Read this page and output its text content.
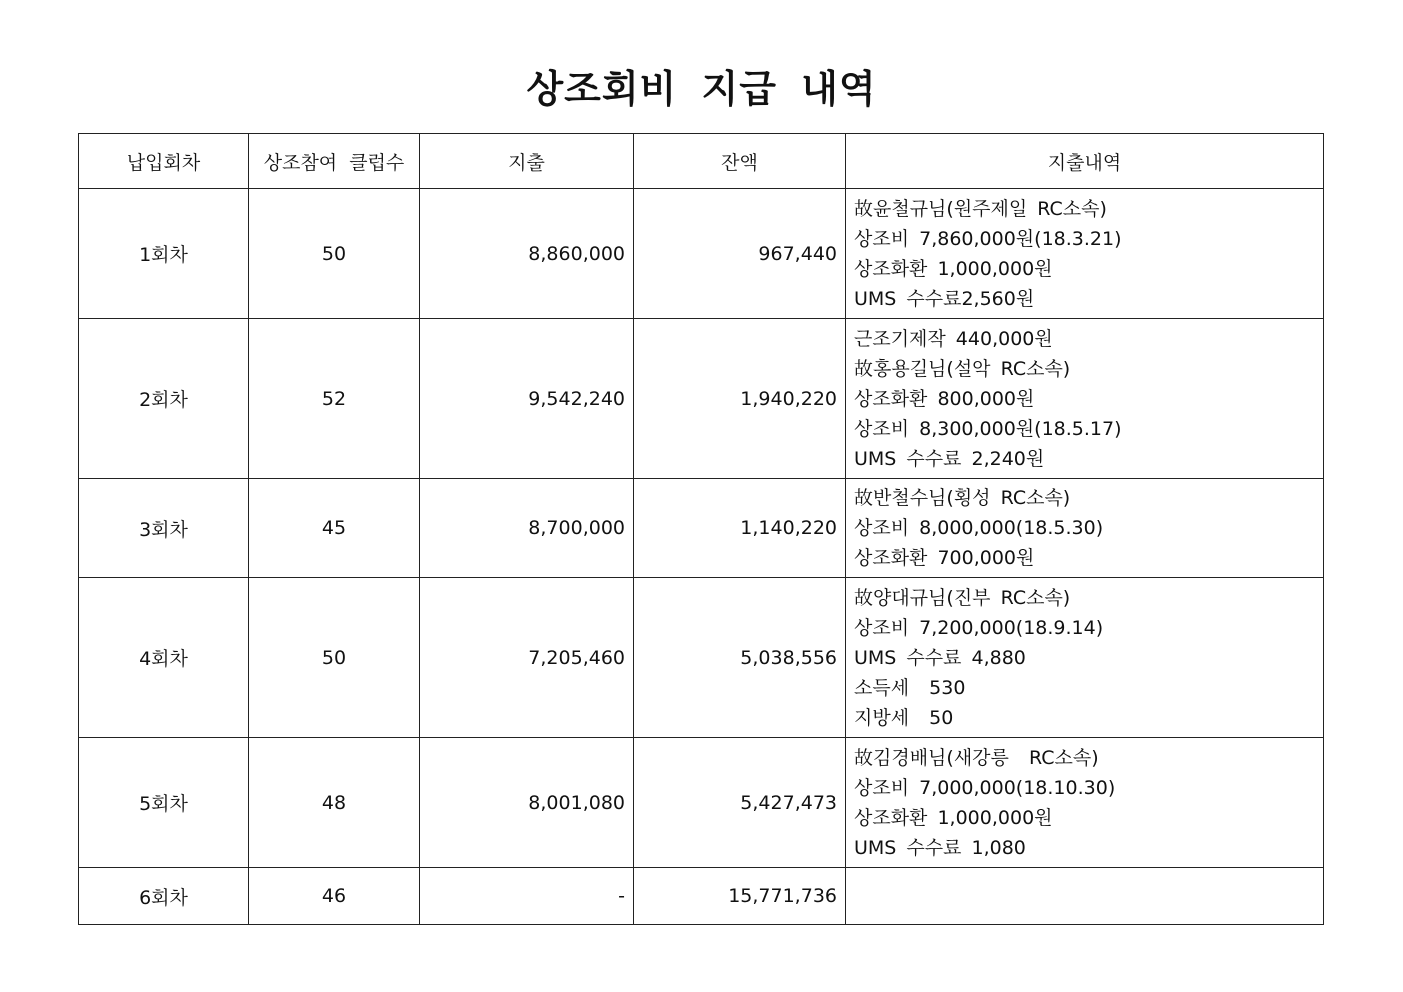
상조회비 지급 내역
납입회차	상조참여 클럽수	지출	잔액	지출내역
1회차	50	8,860,000	967,440	故윤철규님(원주제일 RC소속)
상조비 7,860,000원(18.3.21)
상조화환 1,000,000원
UMS 수수료2,560원

2회차	52	9,542,240	1,940,220	근조기제작 440,000원
故홍용길님(설악 RC소속)
상조화환 800,000원
상조비 8,300,000원(18.5.17)
UMS 수수료 2,240원

3회차	45	8,700,000	1,140,220	故반철수님(횡성 RC소속)
상조비 8,000,000(18.5.30)
상조화환 700,000원

4회차	50	7,205,460	5,038,556	故양대규님(진부 RC소속)
상조비 7,200,000(18.9.14)
UMS 수수료 4,880
소득세  530
지방세  50

5회차	48	8,001,080	5,427,473	故김경배님(새강릉  RC소속)
상조비 7,000,000(18.10.30)
상조화환 1,000,000원
UMS 수수료 1,080

6회차	46	-	15,771,736	
